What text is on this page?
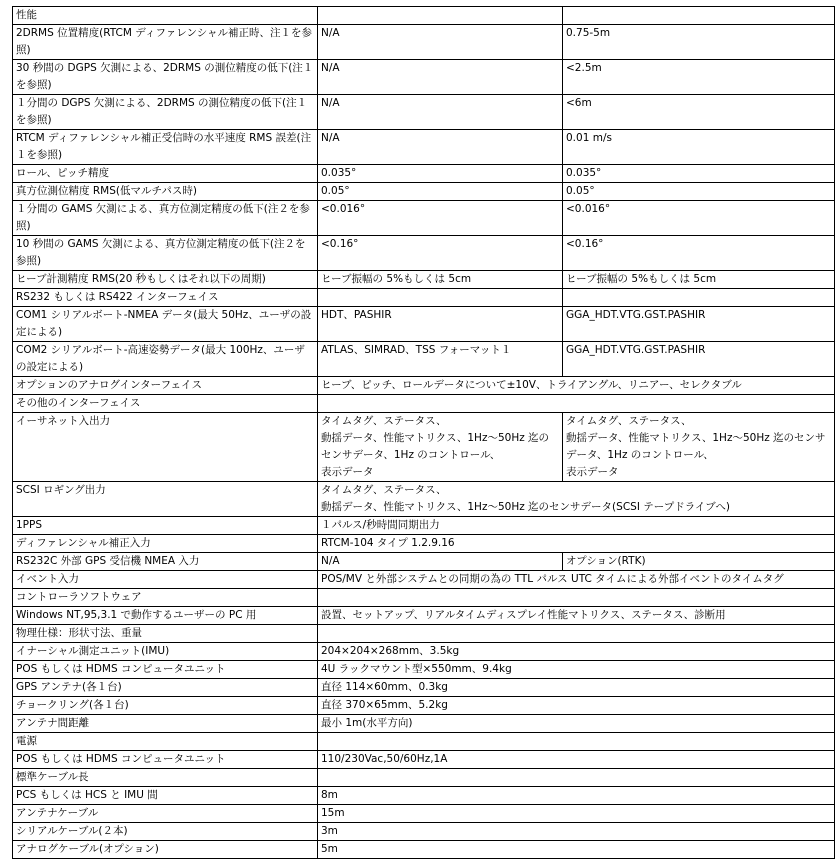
性能		
2DRMS 位置精度(RTCM ディファレンシャル補正時、注１を参照)	N/A	0.75-5m
30 秒間の DGPS 欠測による、2DRMS の測位精度の低下(注１を参照)	N/A	<2.5m
１分間の DGPS 欠測による、2DRMS の測位精度の低下(注１を参照)	N/A	<6m
RTCM ディファレンシャル補正受信時の水平速度 RMS 誤差(注１を参照)	N/A	0.01 m/s
ロール、ピッチ精度	0.035°	0.035°
真方位測位精度 RMS(低マルチパス時)	0.05°	0.05°
１分間の GAMS 欠測による、真方位測定精度の低下(注２を参照)	<0.016°	<0.016°
10 秒間の GAMS 欠測による、真方位測定精度の低下(注２を参照)	<0.16°	<0.16°
ヒーブ計測精度 RMS(20 秒もしくはそれ以下の周期)	ヒーブ振幅の 5%もしくは 5cm	ヒーブ振幅の 5%もしくは 5cm
RS232 もしくは RS422 インターフェイス		
COM1 シリアルボート-NMEA データ(最大 50Hz、ユーザの設定による)	HDT、PASHIR	GGA_HDT.VTG.GST.PASHIR
COM2 シリアルボート-高速姿勢データ(最大 100Hz、ユーザの設定による)	ATLAS、SIMRAD、TSS フォーマット１	GGA_HDT.VTG.GST.PASHIR
オプションのアナログインターフェイス	ヒーブ、ピッチ、ロールデータについて±10V、トライアングル、リニアー、セレクタブル	
その他のインターフェイス		
イーサネット入出力	タイムタグ、ステータス、
動揺データ、性能マトリクス、1Hz～50Hz 迄のセンサデータ、1Hz のコントロール、
表示データ	タイムタグ、ステータス、
動揺データ、性能マトリクス、1Hz～50Hz 迄のセンサデータ、1Hz のコントロール、
表示データ
SCSI ロギング出力	タイムタグ、ステータス、
動揺データ、性能マトリクス、1Hz～50Hz 迄のセンサデータ(SCSI テープドライブへ)	
1PPS	１パルス/秒時間同期出力	
ディファレンシャル補正入力	RTCM-104 タイプ 1.2.9.16	
RS232C 外部 GPS 受信機 NMEA 入力	N/A	オプション(RTK)
イベント入力	POS/MV と外部システムとの同期の為の TTL パルス UTC タイムによる外部イベントのタイムタグ	
コントローラソフトウェア		
Windows NT,95,3.1 で動作するユーザーの PC 用	設置、セットアップ、リアルタイムディスプレイ性能マトリクス、ステータス、診断用	
物理仕様：形状寸法、重量		
イナーシャル測定ユニット(IMU)	204×204×268mm、3.5kg	
POS もしくは HDMS コンピュータユニット	4U ラックマウント型×550mm、9.4kg	
GPS アンテナ(各１台)	直径 114×60mm、0.3kg	
チョークリング(各１台)	直径 370×65mm、5.2kg	
アンテナ間距離	最小 1m(水平方向)	
電源		
POS もしくは HDMS コンピュータユニット	110/230Vac,50/60Hz,1A	
標準ケーブル長		
PCS もしくは HCS と IMU 間	8m	
アンテナケーブル	15m	
シリアルケーブル(２本)	3m	
アナログケーブル(オプション)	5m	
